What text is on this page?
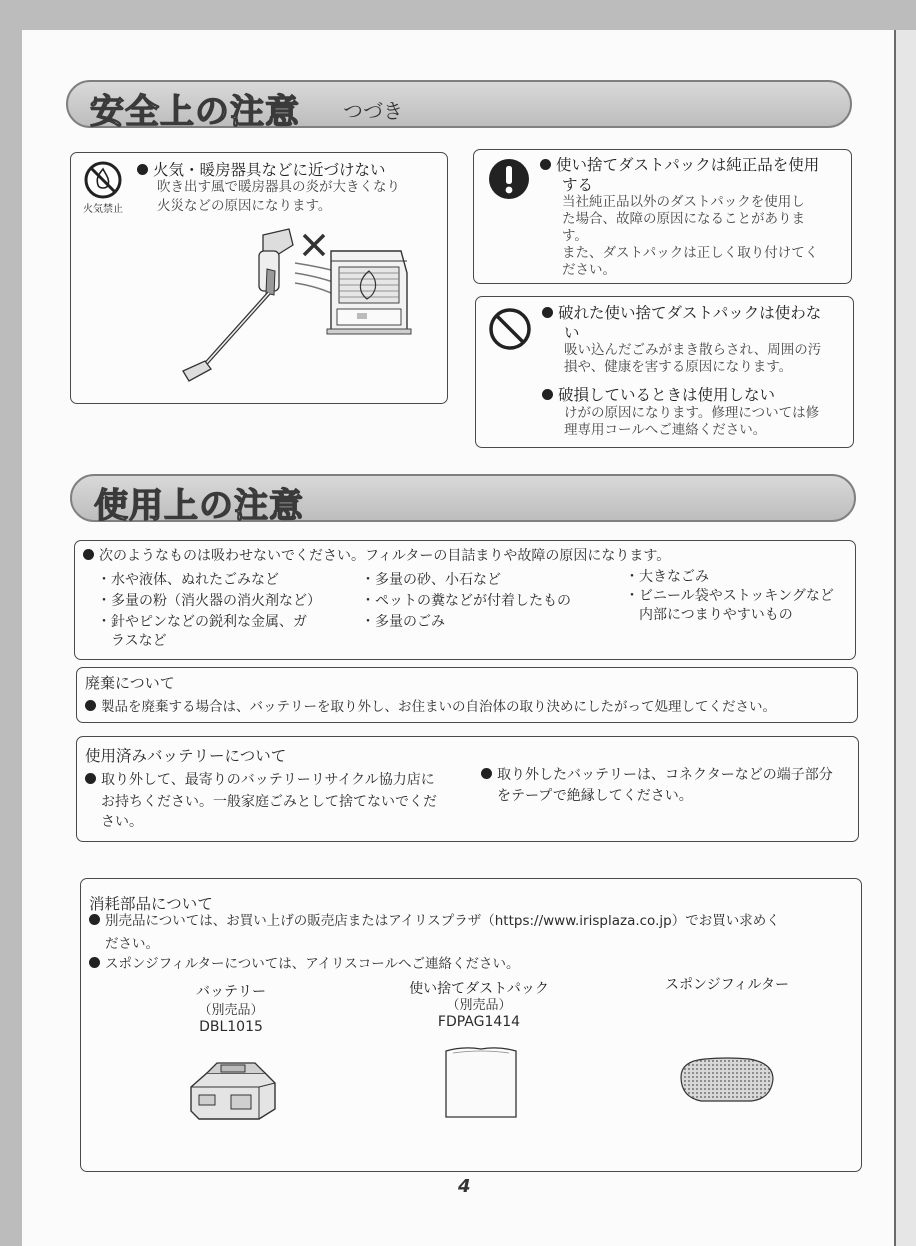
安全上の注意 つづき
火気禁止
火気・暖房器具などに近づけない
吹き出す風で暖房器具の炎が大きくなり
火災などの原因になります。
使い捨てダストパックは純正品を使用
する
当社純正品以外のダストパックを使用し
た場合、故障の原因になることがありま
す。
また、ダストパックは正しく取り付けてく
ださい。
破れた使い捨てダストパックは使わな
い
吸い込んだごみがまき散らされ、周囲の汚
損や、健康を害する原因になります。
破損しているときは使用しない
けがの原因になります。修理については修
理専用コールへご連絡ください。
使用上の注意
次のようなものは吸わせないでください。フィルターの目詰まりや故障の原因になります。
・水や液体、ぬれたごみなど
・多量の粉（消火器の消火剤など）
・針やピンなどの鋭利な金属、ガ
　ラスなど
・多量の砂、小石など
・ペットの糞などが付着したもの
・多量のごみ
・大きなごみ
・ビニール袋やストッキングなど
　内部につまりやすいもの
廃棄について
製品を廃棄する場合は、バッテリーを取り外し、お住まいの自治体の取り決めにしたがって処理してください。
使用済みバッテリーについて
取り外して、最寄りのバッテリーリサイクル協力店に
お持ちください。一般家庭ごみとして捨てないでくだ
さい。
取り外したバッテリーは、コネクターなどの端子部分
をテープで絶縁してください。
消耗部品について
別売品については、お買い上げの販売店またはアイリスプラザ（https://www.irisplaza.co.jp）でお買い求めく
ださい。
スポンジフィルターについては、アイリスコールへご連絡ください。
バッテリー
（別売品）
DBL1015
使い捨てダストパック
（別売品）
FDPAG1414
スポンジフィルター
4
